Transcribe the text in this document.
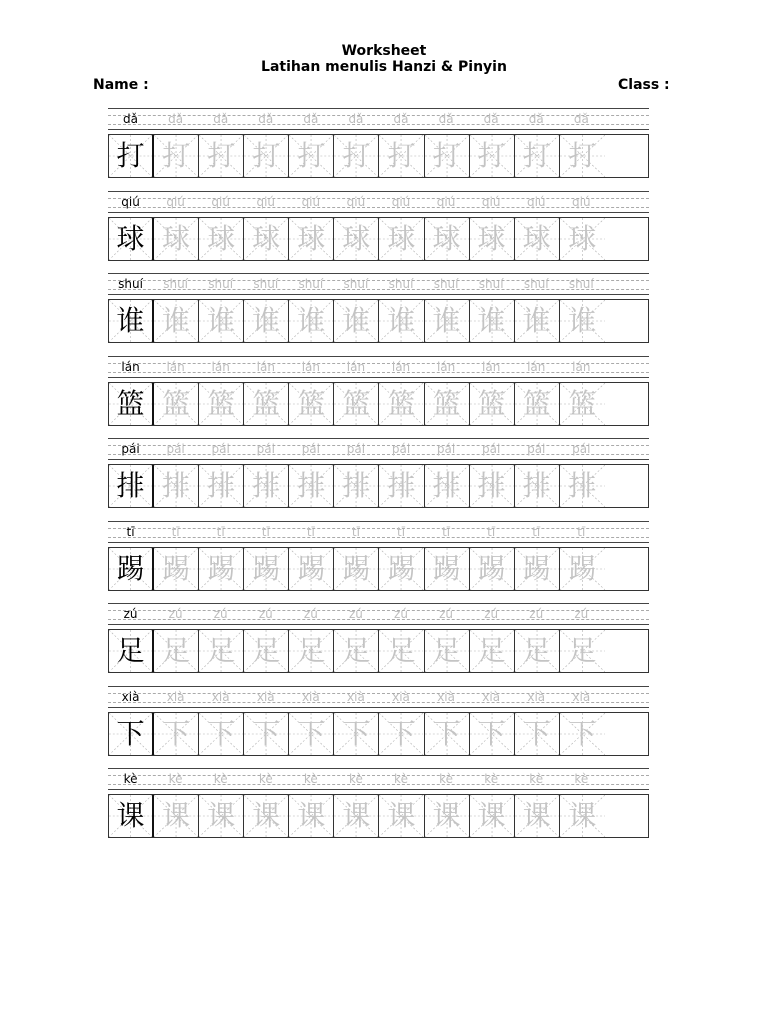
Worksheet
Latihan menulis Hanzi & Pinyin
Name :	Class :
dǎ	dǎ	dǎ	dǎ	dǎ	dǎ	dǎ	dǎ	dǎ	dǎ	dǎ
打 打 打 打 打 打 打 打 打 打 打
qiú	qiú	qiú	qiú	qiú	qiú	qiú	qiú	qiú	qiú	qiú
球 球 球 球 球 球 球 球 球 球 球
shuí	shuí	shuí	shuí	shuí	shuí	shuí	shuí	shuí	shuí	shuí
谁 谁 谁 谁 谁 谁 谁 谁 谁 谁 谁
lán	lán	lán	lán	lán	lán	lán	lán	lán	lán	lán
篮 篮 篮 篮 篮 篮 篮 篮 篮 篮 篮
pái	pái	pái	pái	pái	pái	pái	pái	pái	pái	pái
排 排 排 排 排 排 排 排 排 排 排
tī	tī	tī	tī	tī	tī	tī	tī	tī	tī	tī
踢 踢 踢 踢 踢 踢 踢 踢 踢 踢 踢
zú	zú	zú	zú	zú	zú	zú	zú	zú	zú	zú
足 足 足 足 足 足 足 足 足 足 足
xià	xià	xià	xià	xià	xià	xià	xià	xià	xià	xià
下 下 下 下 下 下 下 下 下 下 下
kè	kè	kè	kè	kè	kè	kè	kè	kè	kè	kè
课 课 课 课 课 课 课 课 课 课 课
